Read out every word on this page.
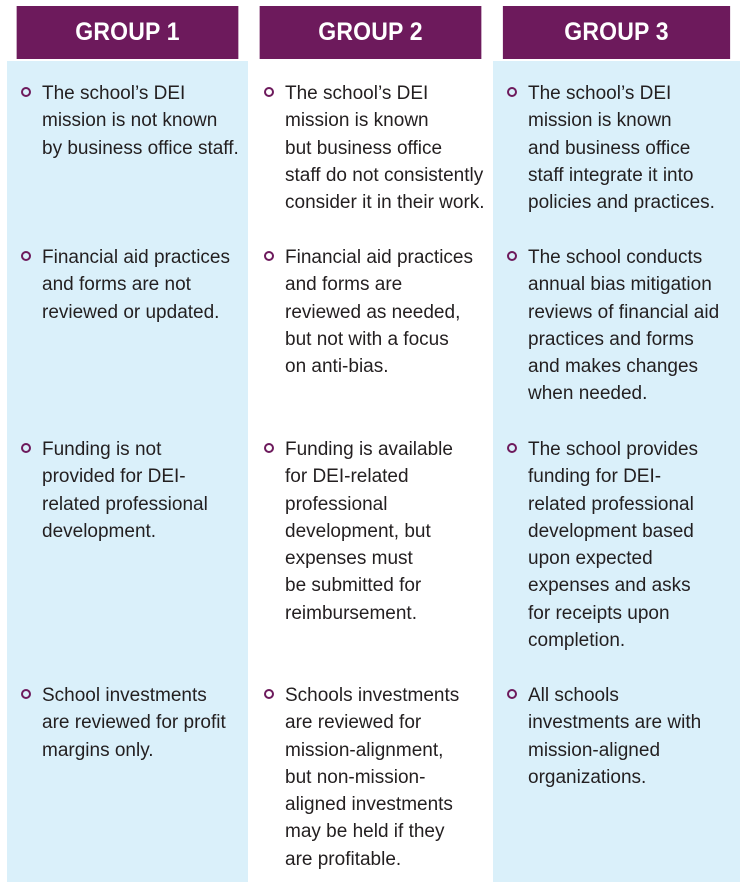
GROUP 1
The school’s DEI
mission is not known
by business office staff.
Financial aid practices
and forms are not
reviewed or updated.
Funding is not
provided for DEI-
related professional
development.
School investments
are reviewed for profit
margins only.
GROUP 2
The school’s DEI
mission is known
but business office
staff do not consistently
consider it in their work.
Financial aid practices
and forms are
reviewed as needed,
but not with a focus
on anti-bias.
Funding is available
for DEI-related
professional
development, but
expenses must
be submitted for
reimbursement.
Schools investments
are reviewed for
mission-alignment,
but non-mission-
aligned investments
may be held if they
are profitable.
GROUP 3
The school’s DEI
mission is known
and business office
staff integrate it into
policies and practices.
The school conducts
annual bias mitigation
reviews of financial aid
practices and forms
and makes changes
when needed.
The school provides
funding for DEI-
related professional
development based
upon expected
expenses and asks
for receipts upon
completion.
All schools
investments are with
mission-aligned
organizations.
